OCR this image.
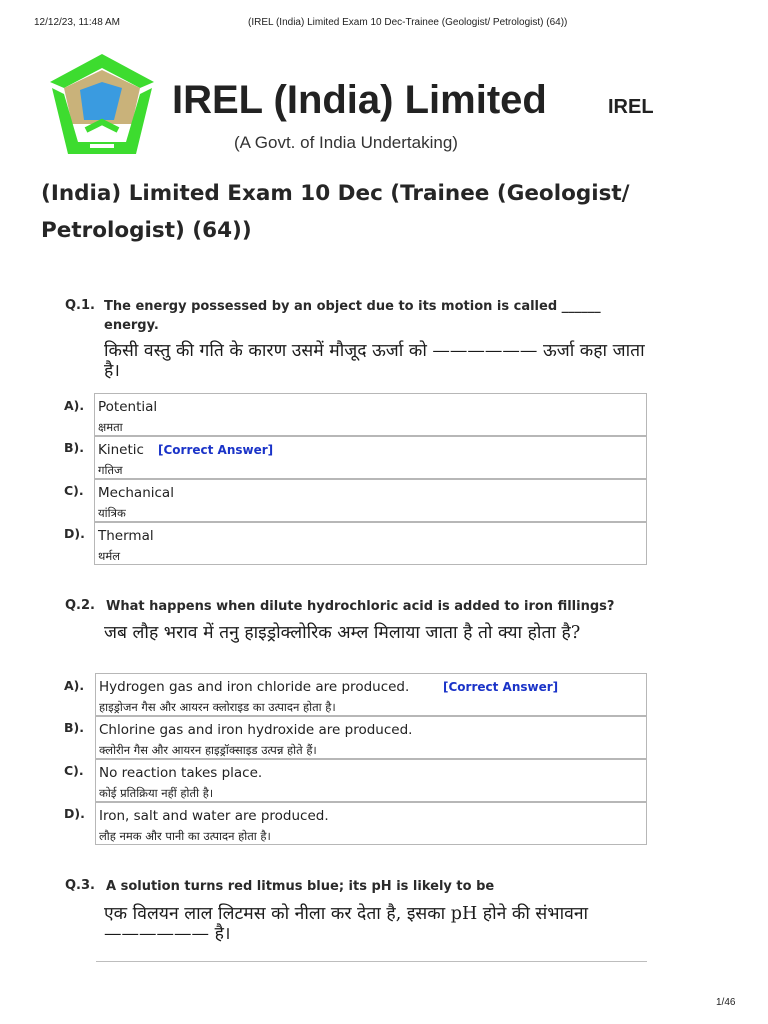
12/12/23, 11:48 AM	(IREL (India) Limited Exam 10 Dec-Trainee (Geologist/ Petrologist) (64))
IREL (India) Limited	IREL
(A Govt. of India Undertaking)
(India) Limited Exam 10 Dec (Trainee (Geologist/ Petrologist) (64))
Q.1. The energy possessed by an object due to its motion is called ______ energy.
किसी वस्तु की गति के कारण उसमें मौजूद ऊर्जा को —————— ऊर्जा कहा जाता है।
A).
B).
C).
D).
Potential
क्षमता
Kinetic [Correct Answer]
गतिज
Mechanical
यांत्रिक
Thermal
थर्मल
Q.2. What happens when dilute hydrochloric acid is added to iron fillings?
जब लौह भराव में तनु हाइड्रोक्लोरिक अम्ल मिलाया जाता है तो क्या होता है?
A).
B).
C).
D).
Hydrogen gas and iron chloride are produced.	[Correct Answer]
हाइड्रोजन गैस और आयरन क्लोराइड का उत्पादन होता है।
Chlorine gas and iron hydroxide are produced.
क्लोरीन गैस और आयरन हाइड्रॉक्साइड उत्पन्न होते हैं।
No reaction takes place.
कोई प्रतिक्रिया नहीं होती है।
Iron, salt and water are produced.
लौह नमक और पानी का उत्पादन होता है।
Q.3. A solution turns red litmus blue; its pH is likely to be
एक विलयन लाल लिटमस को नीला कर देता है, इसका pH होने की संभावना —————— है।
1/46
